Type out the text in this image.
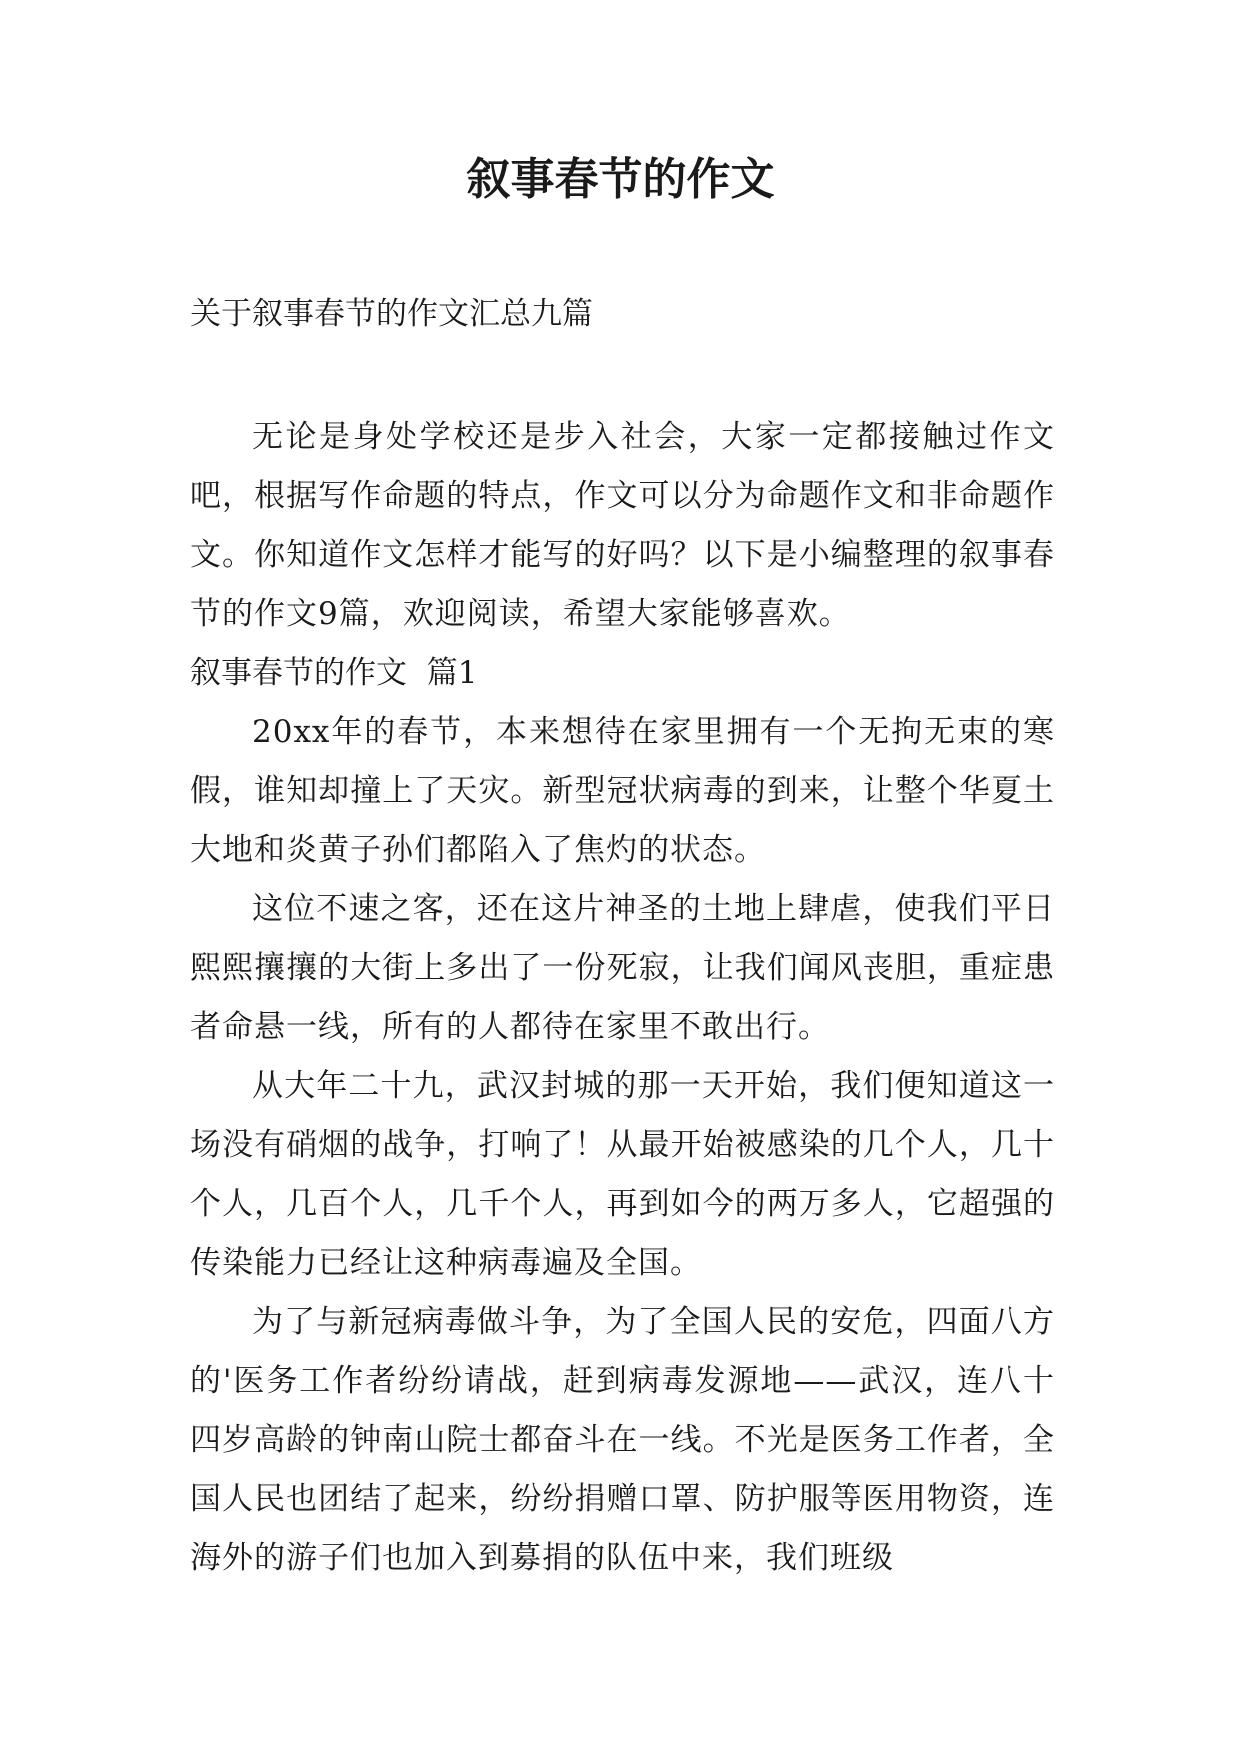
叙事春节的作文

关于叙事春节的作文汇总九篇

无论是身处学校还是步入社会，大家一定都接触过作文吧，根据写作命题的特点，作文可以分为命题作文和非命题作文。你知道作文怎样才能写的好吗？以下是小编整理的叙事春节的作文9篇，欢迎阅读，希望大家能够喜欢。

叙事春节的作文  篇1

20xx年的春节，本来想待在家里拥有一个无拘无束的寒假，谁知却撞上了天灾。新型冠状病毒的到来，让整个华夏土大地和炎黄子孙们都陷入了焦灼的状态。

这位不速之客，还在这片神圣的土地上肆虐，使我们平日熙熙攘攘的大街上多出了一份死寂，让我们闻风丧胆，重症患者命悬一线，所有的人都待在家里不敢出行。

从大年二十九，武汉封城的那一天开始，我们便知道这一场没有硝烟的战争，打响了！从最开始被感染的几个人，几十个人，几百个人，几千个人，再到如今的两万多人，它超强的传染能力已经让这种病毒遍及全国。

为了与新冠病毒做斗争，为了全国人民的安危，四面八方的'医务工作者纷纷请战，赶到病毒发源地——武汉，连八十四岁高龄的钟南山院士都奋斗在一线。不光是医务工作者，全国人民也团结了起来，纷纷捐赠口罩、防护服等医用物资，连海外的游子们也加入到募捐的队伍中来，我们班级
